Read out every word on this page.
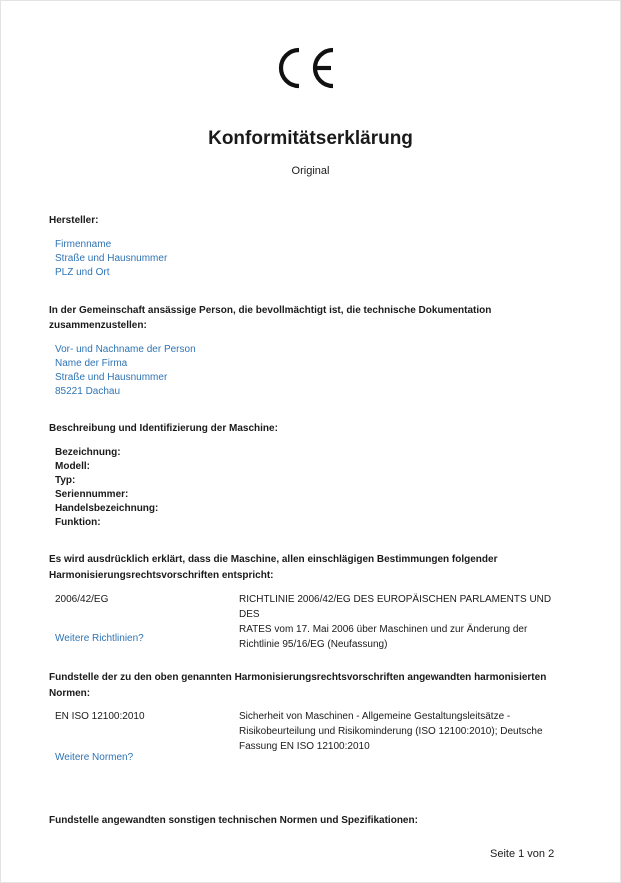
Konformitätserklärung
Original
Hersteller:
Firmenname
Straße und Hausnummer
PLZ und Ort
In der Gemeinschaft ansässige Person, die bevollmächtigt ist, die technische Dokumentation
zusammenzustellen:
Vor- und Nachname der Person
Name der Firma
Straße und Hausnummer
85221 Dachau
Beschreibung und Identifizierung der Maschine:
Bezeichnung:
Modell:
Typ:
Seriennummer:
Handelsbezeichnung:
Funktion:
Es wird ausdrücklich erklärt, dass die Maschine, allen einschlägigen Bestimmungen folgender
Harmonisierungsrechtsvorschriften entspricht:
2006/42/EG	RICHTLINIE 2006/42/EG DES EUROPÄISCHEN PARLAMENTS UND DES
RATES vom 17. Mai 2006 über Maschinen und zur Änderung der
Richtlinie 95/16/EG (Neufassung)
Weitere Richtlinien?
Fundstelle der zu den oben genannten Harmonisierungsrechtsvorschriften angewandten harmonisierten
Normen:
EN ISO 12100:2010	Sicherheit von Maschinen - Allgemeine Gestaltungsleitsätze -
Risikobeurteilung und Risikominderung (ISO 12100:2010); Deutsche
Fassung EN ISO 12100:2010
Weitere Normen?
Fundstelle angewandten sonstigen technischen Normen und Spezifikationen:
Seite 1 von 2
